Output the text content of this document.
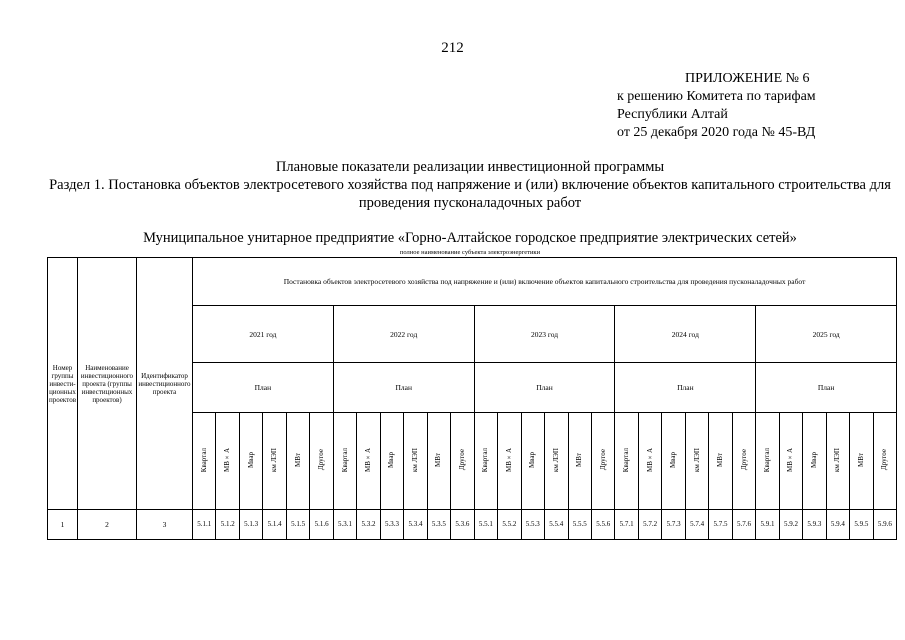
212
ПРИЛОЖЕНИЕ № 6
к решению Комитета по тарифам
Республики Алтай
от 25 декабря 2020 года № 45-ВД
Плановые показатели реализации инвестиционной программы
Раздел 1. Постановка объектов электросетевого хозяйства под напряжение и (или) включение объектов капитального строительства для проведения пусконаладочных работ
Муниципальное унитарное предприятие «Горно-Алтайское городское предприятие электрических сетей»
полное наименование субъекта электроэнергетики
Номер группы инвести-ционных проектов	Наименование инвестиционного проекта (группы инвестиционных проектов)	Идентификатор инвестиционного проекта	Постановка объектов электросетевого хозяйства под напряжение и (или) включение объектов капитального строительства для проведения пусконаладочных работ																													
			2021 год						2022 год						2023 год						2024 год						2025 год					
			План						План						План						План						План					
			Квартал	МВ×А	Мвар	км ЛЭП	МВт	Другое	Квартал	МВ×А	Мвар	км ЛЭП	МВт	Другое	Квартал	МВ×А	Мвар	км ЛЭП	МВт	Другое	Квартал	МВ×А	Мвар	км ЛЭП	МВт	Другое	Квартал	МВ×А	Мвар	км ЛЭП	МВт	Другое
1	2	3	5.1.1	5.1.2	5.1.3	5.1.4	5.1.5	5.1.6	5.3.1	5.3.2	5.3.3	5.3.4	5.3.5	5.3.6	5.5.1	5.5.2	5.5.3	5.5.4	5.5.5	5.5.6	5.7.1	5.7.2	5.7.3	5.7.4	5.7.5	5.7.6	5.9.1	5.9.2	5.9.3	5.9.4	5.9.5	5.9.6
